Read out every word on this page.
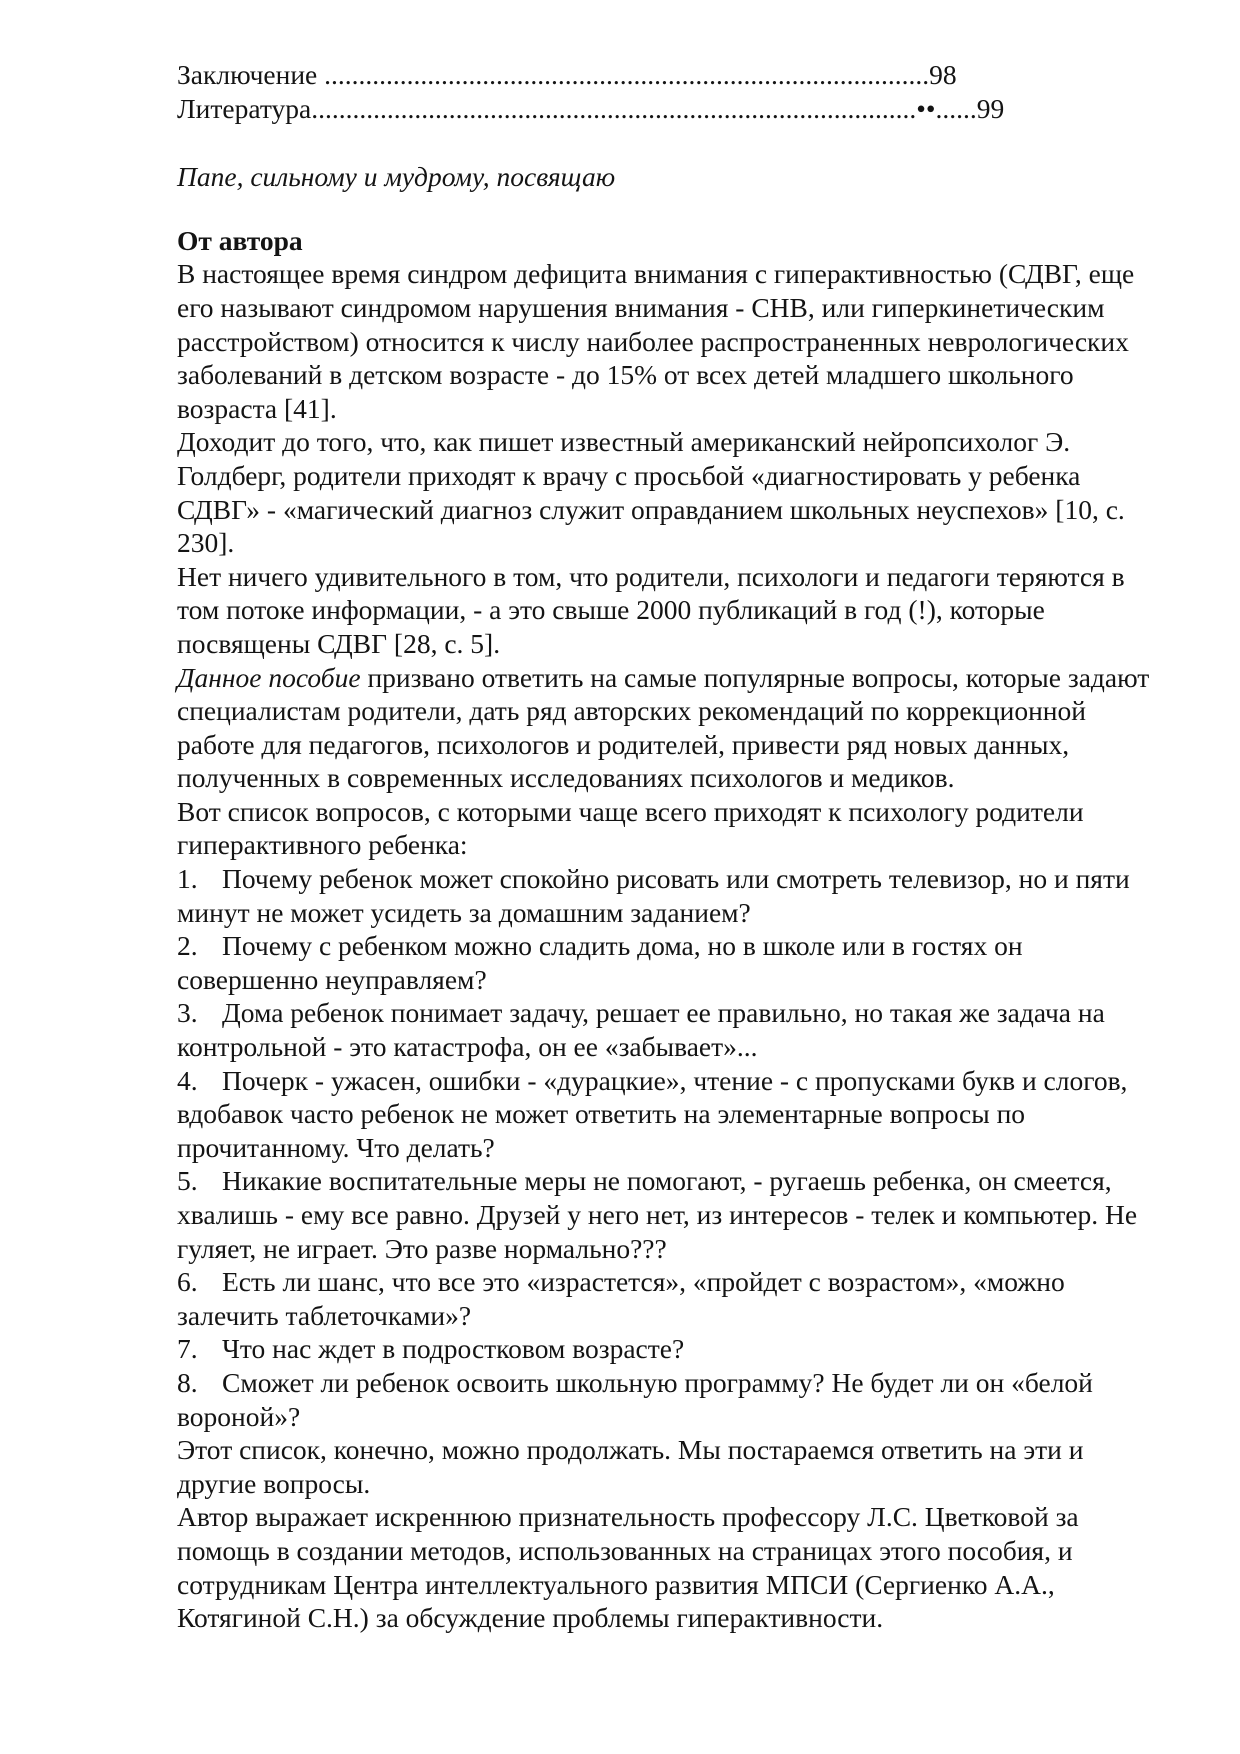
Заключение ........................................................................................98
Литература........................................................................................••......99

Папе, сильному и мудрому, посвящаю

От автора

В настоящее время синдром дефицита внимания с гиперактивностью (СДВГ, еще его называют синдромом нарушения внимания - СНВ, или гиперкинетическим расстройством) относится к числу наиболее распространенных неврологических заболеваний в детском возрасте - до 15% от всех детей младшего школьного возраста [41].

Доходит до того, что, как пишет известный американский нейропсихолог Э. Голдберг, родители приходят к врачу с просьбой «диагностировать у ребенка СДВГ» - «магический диагноз служит оправданием школьных неуспехов» [10, с. 230].

Нет ничего удивительного в том, что родители, психологи и педагоги теряются в том потоке информации, - а это свыше 2000 публикаций в год (!), которые посвящены СДВГ [28, с. 5].

Данное пособие призвано ответить на самые популярные вопросы, которые задают специалистам родители, дать ряд авторских рекомендаций по коррекционной работе для педагогов, психологов и родителей, привести ряд новых данных, полученных в современных исследованиях психологов и медиков.

Вот список вопросов, с которыми чаще всего приходят к психологу родители гиперактивного ребенка:

1. Почему ребенок может спокойно рисовать или смотреть телевизор, но и пяти минут не может усидеть за домашним заданием?

2. Почему с ребенком можно сладить дома, но в школе или в гостях он совершенно неуправляем?

3. Дома ребенок понимает задачу, решает ее правильно, но такая же задача на контрольной - это катастрофа, он ее «забывает»...

4. Почерк - ужасен, ошибки - «дурацкие», чтение - с пропусками букв и слогов, вдобавок часто ребенок не может ответить на элементарные вопросы по прочитанному. Что делать?

5. Никакие воспитательные меры не помогают, - ругаешь ребенка, он смеется, хвалишь - ему все равно. Друзей у него нет, из интересов - телек и компьютер. Не гуляет, не играет. Это разве нормально???

6. Есть ли шанс, что все это «израстется», «пройдет с возрастом», «можно залечить таблеточками»?

7. Что нас ждет в подростковом возрасте?

8. Сможет ли ребенок освоить школьную программу? Не будет ли он «белой вороной»?

Этот список, конечно, можно продолжать. Мы постараемся ответить на эти и другие вопросы.

Автор выражает искреннюю признательность профессору Л.С. Цветковой за помощь в создании методов, использованных на страницах этого пособия, и сотрудникам Центра интеллектуального развития МПСИ (Сергиенко А.А., Котягиной С.Н.) за обсуждение проблемы гиперактивности.
